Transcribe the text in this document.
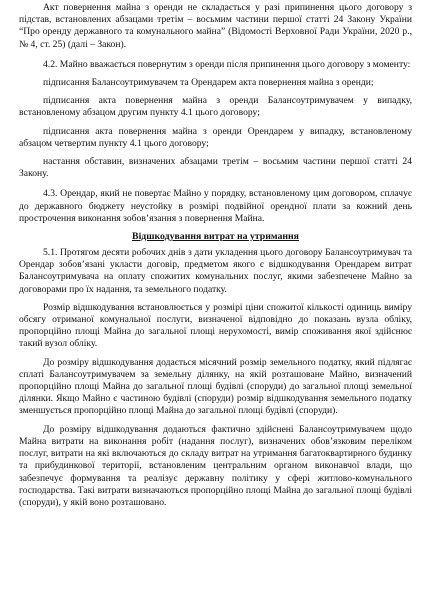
Акт повернення майна з оренди не складається у разі припинення цього договору з підстав, встановлених абзацами третім – восьмим частини першої статті 24 Закону України “Про оренду державного та комунального майна” (Відомості Верховної Ради України, 2020 р., № 4, ст. 25) (далі – Закон).

4.2. Майно вважається повернутим з оренди після припинення цього договору з моменту:

підписання Балансоутримувачем та Орендарем акта повернення майна з оренди;

підписання акта повернення майна з оренди Балансоутримувачем у випадку, встановленому абзацом другим пункту 4.1 цього договору;

підписання акта повернення майна з оренди Орендарем у випадку, встановленому абзацом четвертим пункту 4.1 цього договору;

настання обставин, визначених абзацами третім – восьмим частини першої статті 24 Закону.

4.3. Орендар, який не повертає Майно у порядку, встановленому цим договором, сплачує до державного бюджету неустойку в розмірі подвійної орендної плати за кожний день прострочення виконання зобов’язання з повернення Майна.

Відшкодування витрат на утримання

5.1. Протягом десяти робочих днів з дати укладення цього договору Балансоутримувач та Орендар зобов’язані укласти договір, предметом якого є відшкодування Орендарем витрат Балансоутримувача на оплату спожитих комунальних послуг, якими забезпечене Майно за договорами про їх надання, та земельного податку.

Розмір відшкодування встановлюється у розмірі ціни спожитої кількості одиниць виміру обсягу отриманої комунальної послуги, визначеної відповідно до показань вузла обліку, пропорційно площі Майна до загальної площі нерухомості, вимір споживання якої здійснює такий вузол обліку.

До розміру відшкодування додається місячний розмір земельного податку, який підлягає сплаті Балансоутримувачем за земельну ділянку, на якій розташоване Майно, визначений пропорційно площі Майна до загальної площі будівлі (споруди) до загальної площі земельної ділянки. Якщо Майно є частиною будівлі (споруди) розмір відшкодування земельного податку зменшується пропорційно площі Майна до загальної площі будівлі (споруди).

До розміру відшкодування додаються фактично здійснені Балансоутримувачем щодо Майна витрати на виконання робіт (надання послуг), визначених обов’язковим переліком послуг, витрати на які включаються до складу витрат на утримання багатоквартирного будинку та прибудинкової території, встановленим центральним органом виконавчої влади, що забезпечує формування та реалізує державну політику у сфері житлово-комунального господарства. Такі витрати визначаються пропорційно площі Майна до загальної площі будівлі (споруди), у якій воно розташовано.
